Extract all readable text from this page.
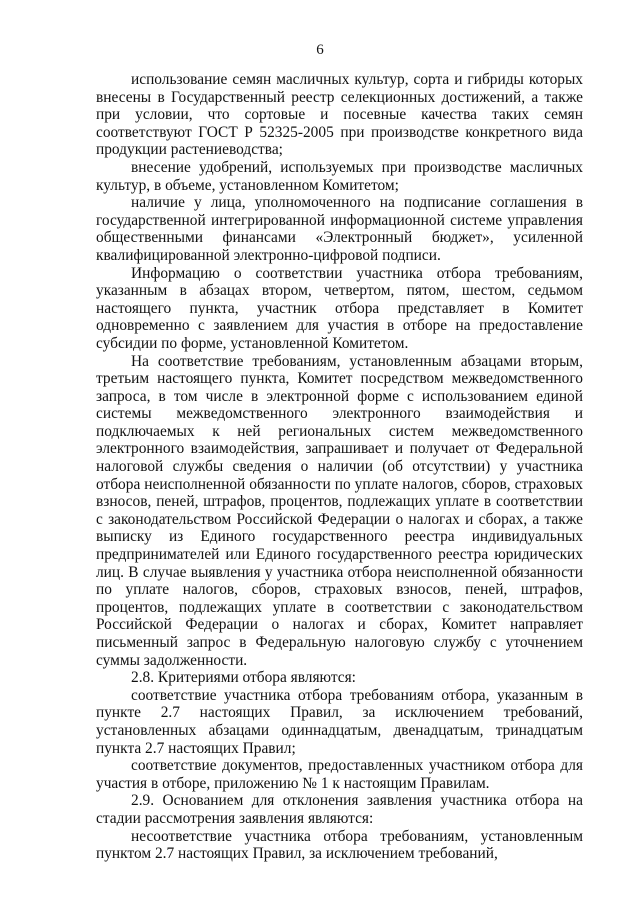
6

использование семян масличных культур, сорта и гибриды которых внесены в Государственный реестр селекционных достижений, а также при условии, что сортовые и посевные качества таких семян соответствуют ГОСТ Р 52325-2005 при производстве конкретного вида продукции растениеводства;

внесение удобрений, используемых при производстве масличных культур, в объеме, установленном Комитетом;

наличие у лица, уполномоченного на подписание соглашения в государственной интегрированной информационной системе управления общественными финансами «Электронный бюджет», усиленной квалифицированной электронно-цифровой подписи.

Информацию о соответствии участника отбора требованиям, указанным в абзацах втором, четвертом, пятом, шестом, седьмом настоящего пункта, участник отбора представляет в Комитет одновременно с заявлением для участия в отборе на предоставление субсидии по форме, установленной Комитетом.

На соответствие требованиям, установленным абзацами вторым, третьим настоящего пункта, Комитет посредством межведомственного запроса, в том числе в электронной форме с использованием единой системы межведомственного электронного взаимодействия и подключаемых к ней региональных систем межведомственного электронного взаимодействия, запрашивает и получает от Федеральной налоговой службы сведения о наличии (об отсутствии) у участника отбора неисполненной обязанности по уплате налогов, сборов, страховых взносов, пеней, штрафов, процентов, подлежащих уплате в соответствии с законодательством Российской Федерации о налогах и сборах, а также выписку из Единого государственного реестра индивидуальных предпринимателей или Единого государственного реестра юридических лиц. В случае выявления у участника отбора неисполненной обязанности по уплате налогов, сборов, страховых взносов, пеней, штрафов, процентов, подлежащих уплате в соответствии с законодательством Российской Федерации о налогах и сборах, Комитет направляет письменный запрос в Федеральную налоговую службу с уточнением суммы задолженности.

2.8. Критериями отбора являются:

соответствие участника отбора требованиям отбора, указанным в пункте 2.7 настоящих Правил, за исключением требований, установленных абзацами одиннадцатым, двенадцатым, тринадцатым пункта 2.7 настоящих Правил;

соответствие документов, предоставленных участником отбора для участия в отборе, приложению № 1 к настоящим Правилам.

2.9. Основанием для отклонения заявления участника отбора на стадии рассмотрения заявления являются:

несоответствие участника отбора требованиям, установленным пунктом 2.7 настоящих Правил, за исключением требований,
